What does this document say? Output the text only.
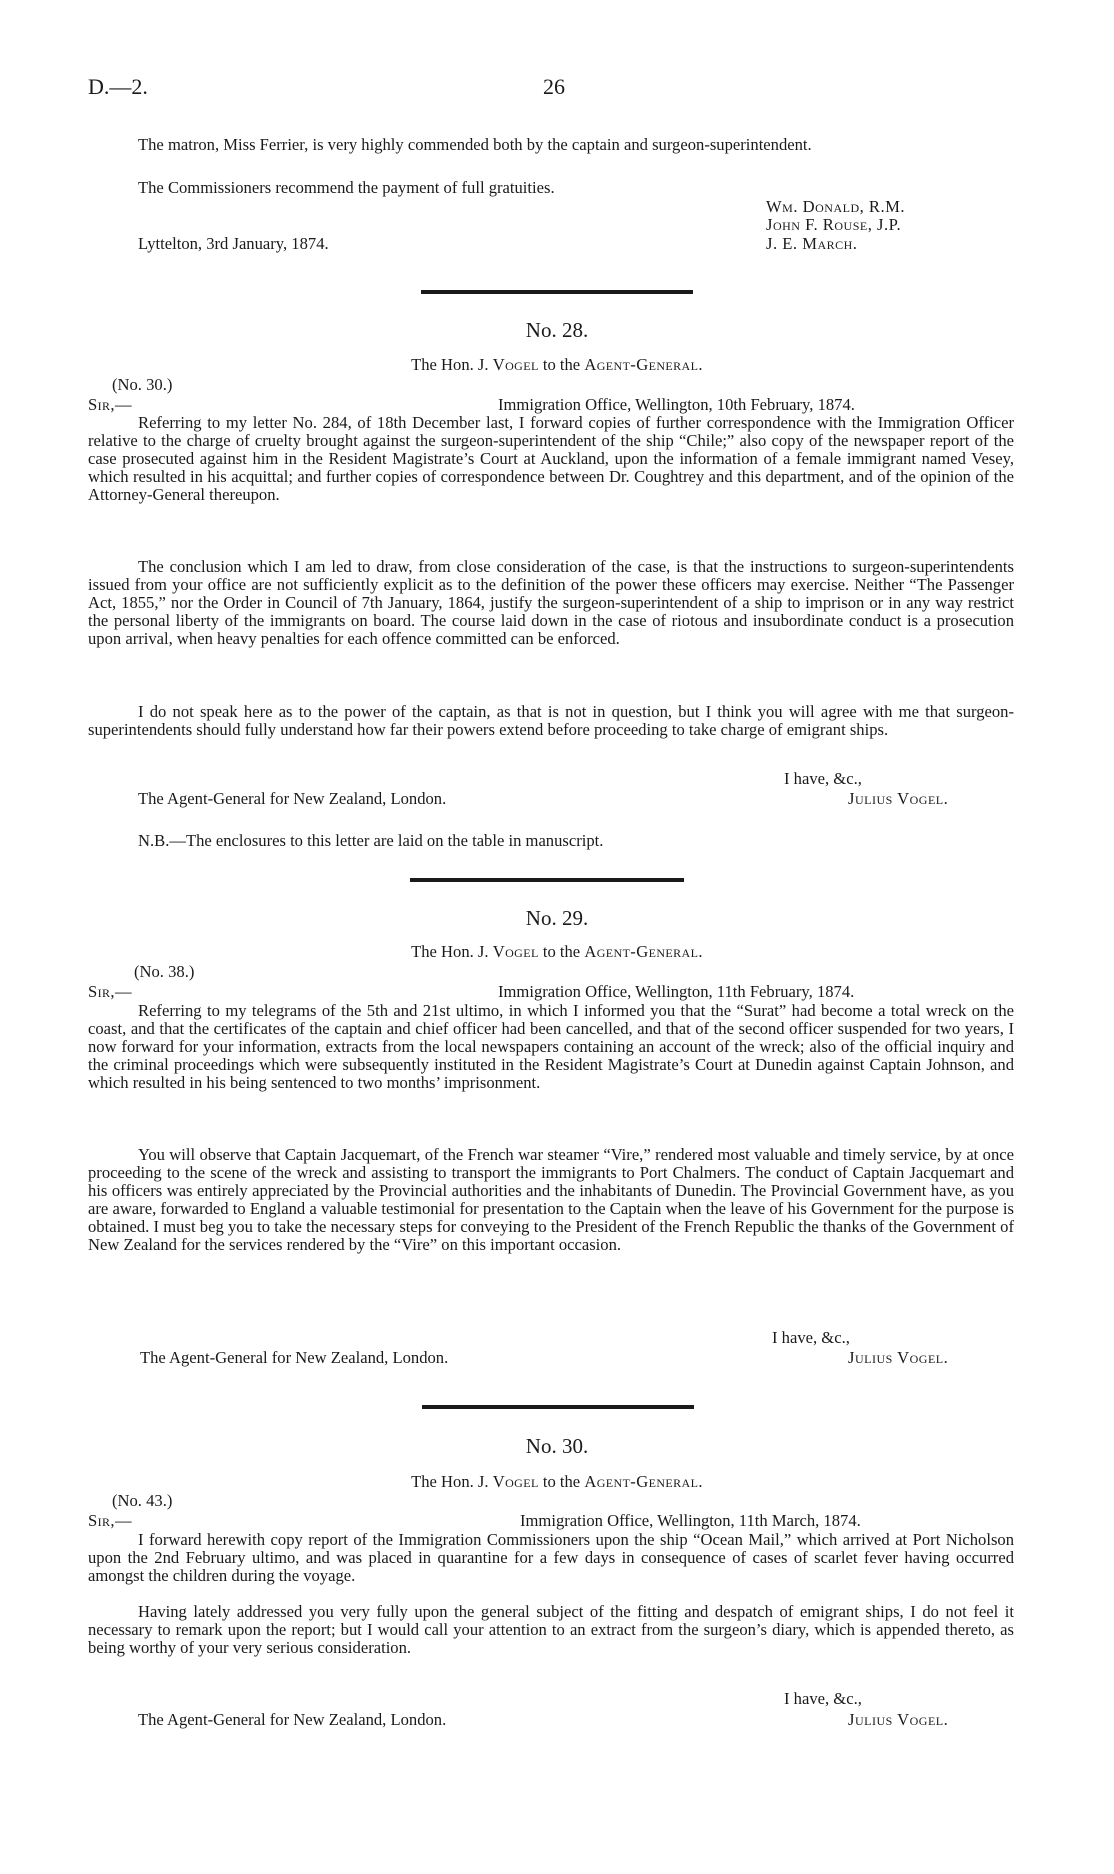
D.—2.	26

The matron, Miss Ferrier, is very highly commended both by the captain and surgeon-superintendent.

The Commissioners recommend the payment of full gratuities.
Wm. Donald, R.M.
John F. Rouse, J.P.
Lyttelton, 3rd January, 1874.	J. E. March.
No. 28.
The Hon. J. Vogel to the Agent-General.
(No. 30.)
Sir,—	Immigration Office, Wellington, 10th February, 1874.

Referring to my letter No. 284, of 18th December last, I forward copies of further correspondence with the Immigration Officer relative to the charge of cruelty brought against the surgeon-superintendent of the ship “Chile;” also copy of the newspaper report of the case prosecuted against him in the Resident Magistrate’s Court at Auckland, upon the information of a female immigrant named Vesey, which resulted in his acquittal; and further copies of correspondence between Dr. Coughtrey and this department, and of the opinion of the Attorney-General thereupon.

The conclusion which I am led to draw, from close consideration of the case, is that the instructions to surgeon-superintendents issued from your office are not sufficiently explicit as to the definition of the power these officers may exercise. Neither “The Passenger Act, 1855,” nor the Order in Council of 7th January, 1864, justify the surgeon-superintendent of a ship to imprison or in any way restrict the personal liberty of the immigrants on board. The course laid down in the case of riotous and insubordinate conduct is a prosecution upon arrival, when heavy penalties for each offence committed can be enforced.

I do not speak here as to the power of the captain, as that is not in question, but I think you will agree with me that surgeon-superintendents should fully understand how far their powers extend before proceeding to take charge of emigrant ships.

I have, &c.,
The Agent-General for New Zealand, London.	Julius Vogel.
N.B.—The enclosures to this letter are laid on the table in manuscript.
No. 29.
The Hon. J. Vogel to the Agent-General.
(No. 38.)
Sir,—	Immigration Office, Wellington, 11th February, 1874.

Referring to my telegrams of the 5th and 21st ultimo, in which I informed you that the “Surat” had become a total wreck on the coast, and that the certificates of the captain and chief officer had been cancelled, and that of the second officer suspended for two years, I now forward for your information, extracts from the local newspapers containing an account of the wreck; also of the official inquiry and the criminal proceedings which were subsequently instituted in the Resident Magistrate’s Court at Dunedin against Captain Johnson, and which resulted in his being sentenced to two months’ imprisonment.

You will observe that Captain Jacquemart, of the French war steamer “Vire,” rendered most valuable and timely service, by at once proceeding to the scene of the wreck and assisting to transport the immigrants to Port Chalmers. The conduct of Captain Jacquemart and his officers was entirely appreciated by the Provincial authorities and the inhabitants of Dunedin. The Provincial Government have, as you are aware, forwarded to England a valuable testimonial for presentation to the Captain when the leave of his Government for the purpose is obtained. I must beg you to take the necessary steps for conveying to the President of the French Republic the thanks of the Government of New Zealand for the services rendered by the “Vire” on this important occasion.

I have, &c.,
The Agent-General for New Zealand, London.	Julius Vogel.
No. 30.
The Hon. J. Vogel to the Agent-General.
(No. 43.)
Sir,—	Immigration Office, Wellington, 11th March, 1874.

I forward herewith copy report of the Immigration Commissioners upon the ship “Ocean Mail,” which arrived at Port Nicholson upon the 2nd February ultimo, and was placed in quarantine for a few days in consequence of cases of scarlet fever having occurred amongst the children during the voyage.

Having lately addressed you very fully upon the general subject of the fitting and despatch of emigrant ships, I do not feel it necessary to remark upon the report; but I would call your attention to an extract from the surgeon’s diary, which is appended thereto, as being worthy of your very serious consideration.

I have, &c.,
The Agent-General for New Zealand, London.	Julius Vogel.
